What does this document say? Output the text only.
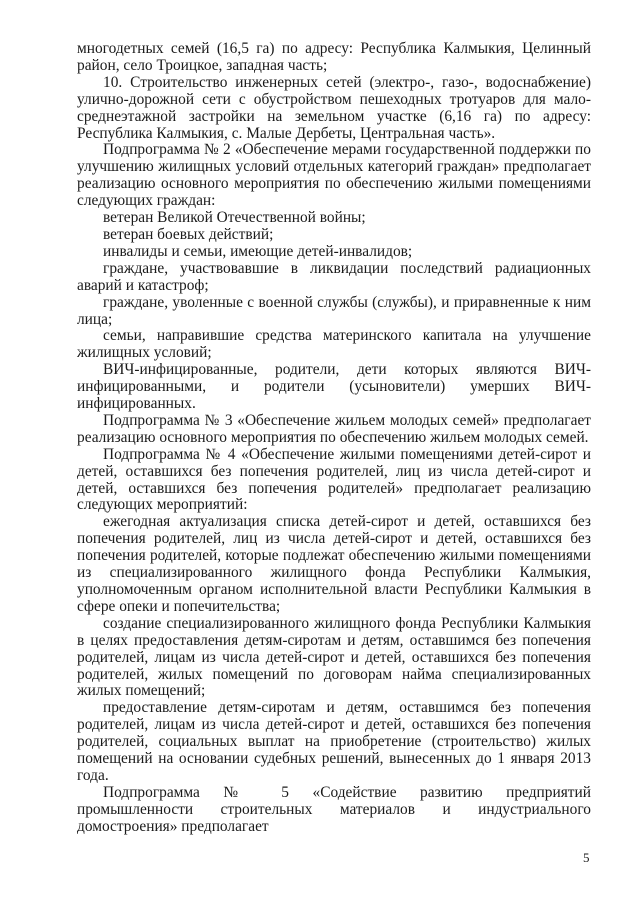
многодетных семей (16,5 га) по адресу: Республика Калмыкия, Целинный район, село Троицкое, западная часть;

10. Строительство инженерных сетей (электро-, газо-, водоснабжение) улично-дорожной сети с обустройством пешеходных тротуаров для мало-среднеэтажной застройки на земельном участке (6,16 га) по адресу: Республика Калмыкия, с. Малые Дербеты, Центральная часть».

Подпрограмма № 2 «Обеспечение мерами государственной поддержки по улучшению жилищных условий отдельных категорий граждан» предполагает реализацию основного мероприятия по обеспечению жилыми помещениями следующих граждан:

ветеран Великой Отечественной войны;

ветеран боевых действий;

инвалиды и семьи, имеющие детей-инвалидов;

граждане, участвовавшие в ликвидации последствий радиационных аварий и катастроф;

граждане, уволенные с военной службы (службы), и приравненные к ним лица;

семьи, направившие средства материнского капитала на улучшение жилищных условий;

ВИЧ-инфицированные, родители, дети которых являются ВИЧ-инфицированными, и родители (усыновители) умерших ВИЧ-инфицированных.

Подпрограмма № 3 «Обеспечение жильем молодых семей» предполагает реализацию основного мероприятия по обеспечению жильем молодых семей.

Подпрограмма № 4 «Обеспечение жилыми помещениями детей-сирот и детей, оставшихся без попечения родителей, лиц из числа детей-сирот и детей, оставшихся без попечения родителей» предполагает реализацию следующих мероприятий:

ежегодная актуализация списка детей-сирот и детей, оставшихся без попечения родителей, лиц из числа детей-сирот и детей, оставшихся без попечения родителей, которые подлежат обеспечению жилыми помещениями из специализированного жилищного фонда Республики Калмыкия, уполномоченным органом исполнительной власти Республики Калмыкия в сфере опеки и попечительства;

создание специализированного жилищного фонда Республики Калмыкия в целях предоставления детям-сиротам и детям, оставшимся без попечения родителей, лицам из числа детей-сирот и детей, оставшихся без попечения родителей, жилых помещений по договорам найма специализированных жилых помещений;

предоставление детям-сиротам и детям, оставшимся без попечения родителей, лицам из числа детей-сирот и детей, оставшихся без попечения родителей, социальных выплат на приобретение (строительство) жилых помещений на основании судебных решений, вынесенных до 1 января 2013 года.

Подпрограмма № 5 «Содействие развитию предприятий промышленности строительных материалов и индустриального домостроения» предполагает

5
